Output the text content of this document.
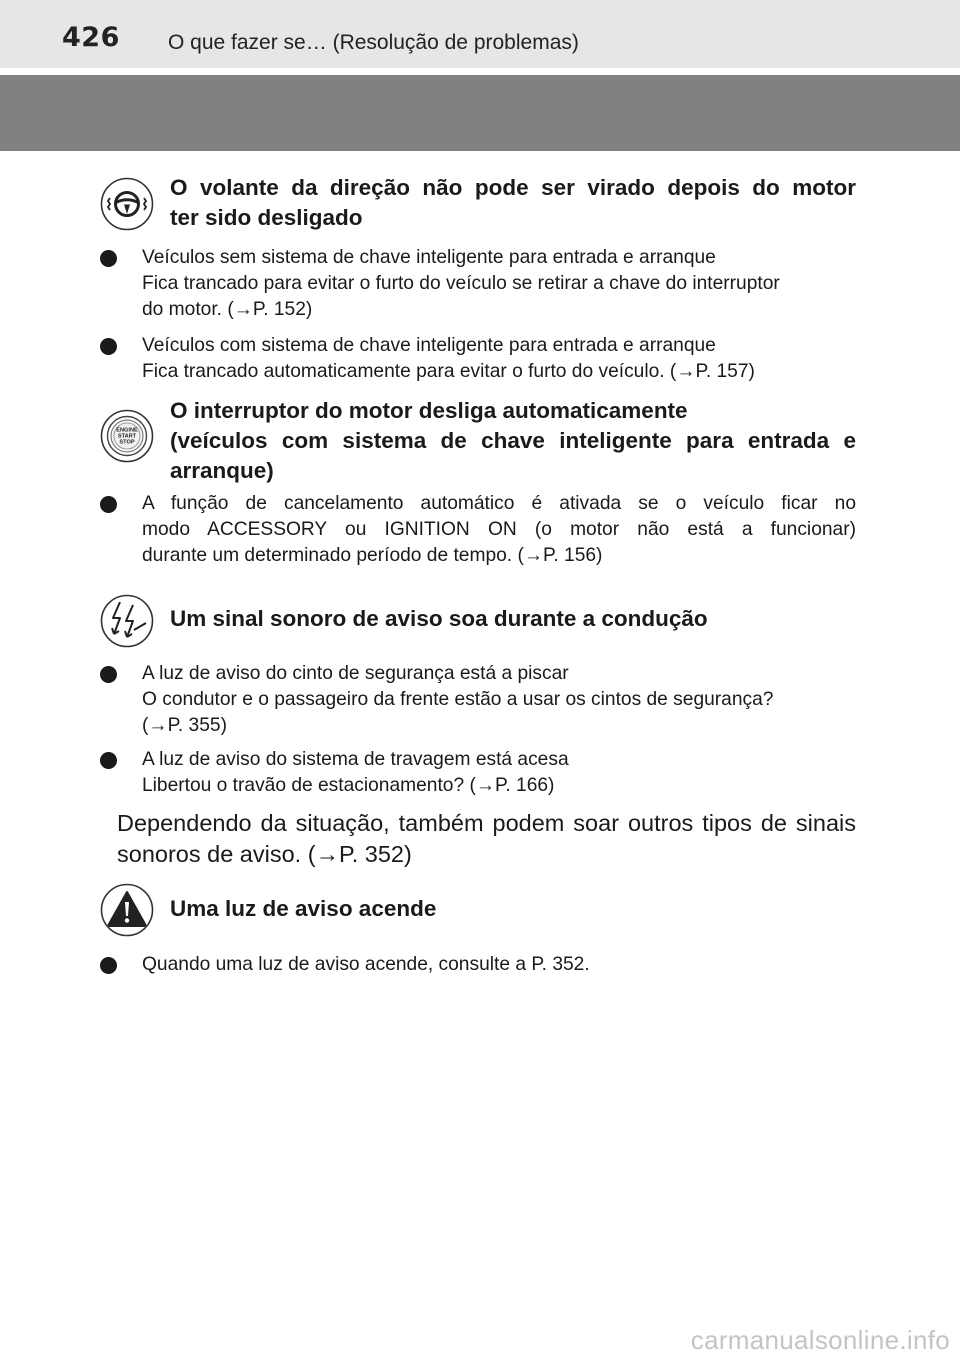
426 O que fazer se… (Resolução de problemas)
O volante da direção não pode ser virado depois do motor
ter sido desligado
Veículos sem sistema de chave inteligente para entrada e arranque
Fica trancado para evitar o furto do veículo se retirar a chave do interruptor
do motor. (→P. 152)
Veículos com sistema de chave inteligente para entrada e arranque
Fica trancado automaticamente para evitar o furto do veículo. (→P. 157)
ENGINE
START
STOP
O interruptor do motor desliga automaticamente
(veículos com sistema de chave inteligente para entrada e
arranque)
A função de cancelamento automático é ativada se o veículo ficar no
modo ACCESSORY ou IGNITION ON (o motor não está a funcionar)
durante um determinado período de tempo. (→P. 156)
Um sinal sonoro de aviso soa durante a condução
A luz de aviso do cinto de segurança está a piscar
O condutor e o passageiro da frente estão a usar os cintos de segurança?
(→P. 355)
A luz de aviso do sistema de travagem está acesa
Libertou o travão de estacionamento? (→P. 166)
Dependendo da situação, também podem soar outros tipos de sinais
sonoros de aviso. (→P. 352)
Uma luz de aviso acende
Quando uma luz de aviso acende, consulte a P. 352.
carmanualsonline.info
